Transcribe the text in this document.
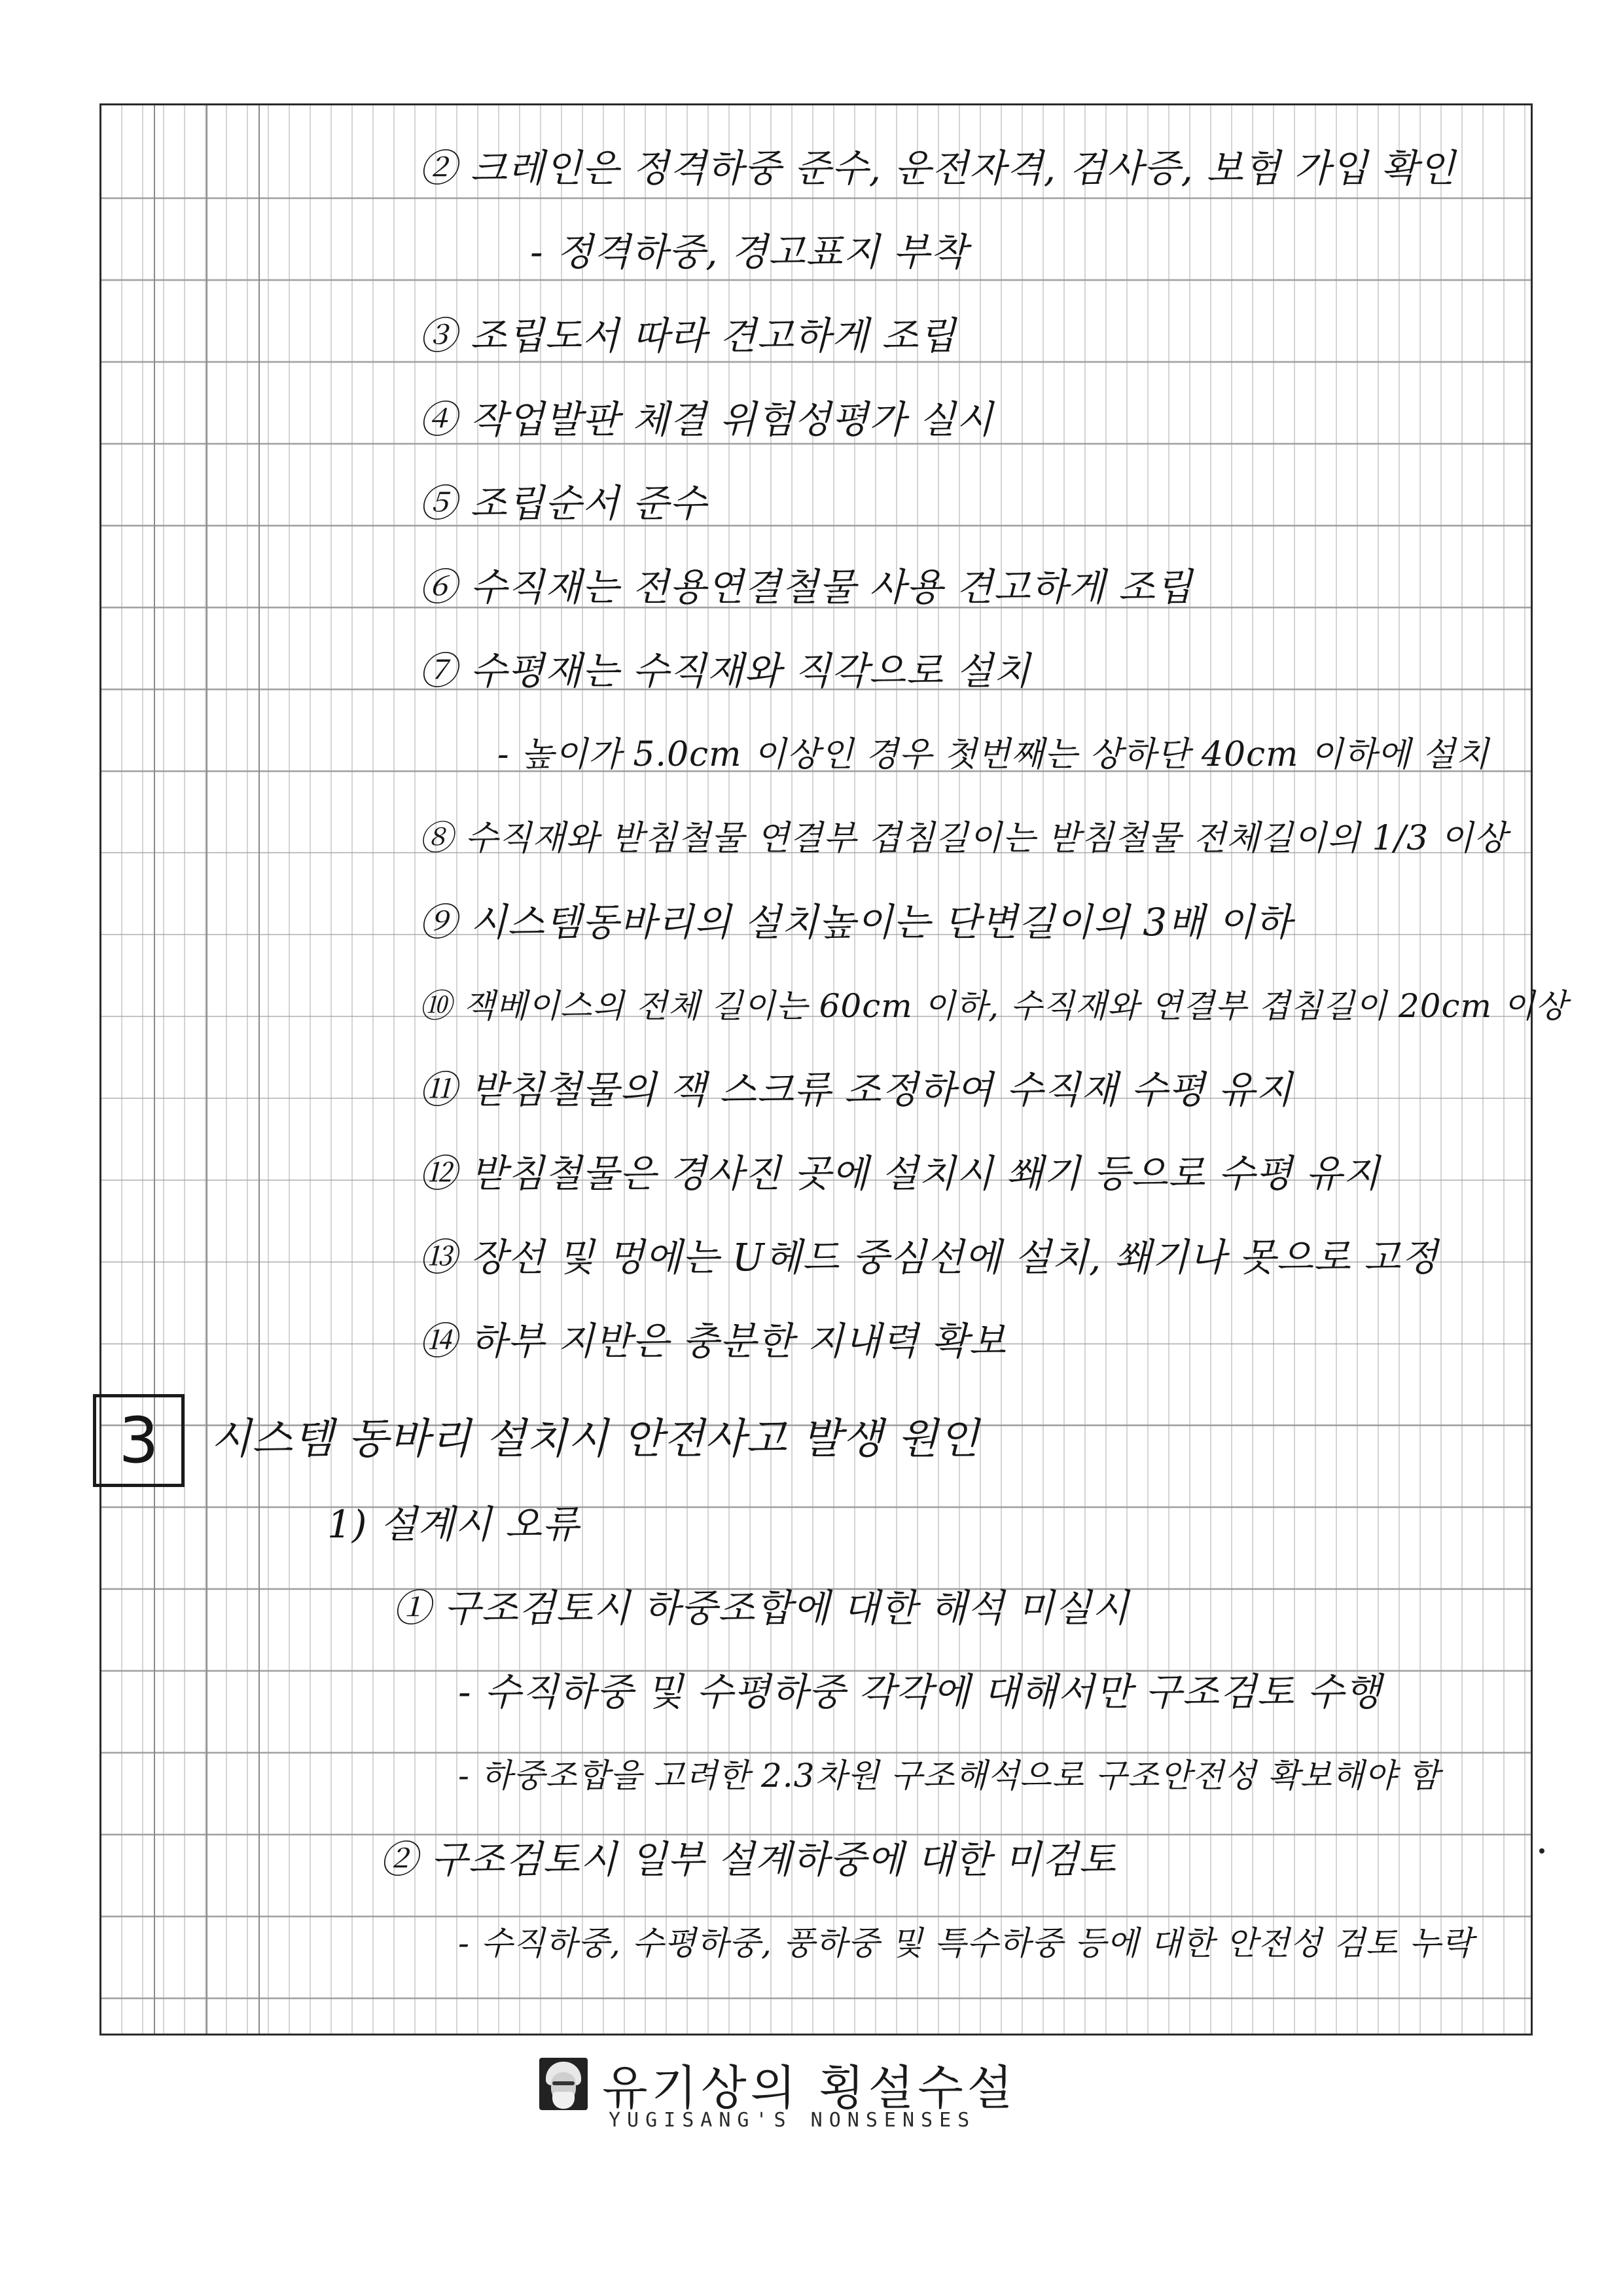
② 크레인은 정격하중 준수, 운전자격, 검사증, 보험 가입 확인
- 정격하중, 경고표지 부착
③ 조립도서 따라 견고하게 조립
④ 작업발판 체결 위험성평가 실시
⑤ 조립순서 준수
⑥ 수직재는 전용연결철물 사용 견고하게 조립
⑦ 수평재는 수직재와 직각으로 설치
- 높이가 5.0cm 이상인 경우 첫번째는 상하단 40cm 이하에 설치
⑧ 수직재와 받침철물 연결부 겹침길이는 받침철물 전체길이의 1/3 이상
⑨ 시스템동바리의 설치높이는 단변길이의 3배 이하
⑩ 잭베이스의 전체 길이는 60cm 이하, 수직재와 연결부 겹침길이 20cm 이상
⑪ 받침철물의 잭 스크류 조정하여 수직재 수평 유지
⑫ 받침철물은 경사진 곳에 설치시 쐐기 등으로 수평 유지
⑬ 장선 및 멍에는 U헤드 중심선에 설치, 쐐기나 못으로 고정
⑭ 하부 지반은 충분한 지내력 확보
3	시스템 동바리 설치시 안전사고 발생 원인
1) 설계시 오류
① 구조검토시 하중조합에 대한 해석 미실시
- 수직하중 및 수평하중 각각에 대해서만 구조검토 수행
- 하중조합을 고려한 2.3차원 구조해석으로 구조안전성 확보해야 함
② 구조검토시 일부 설계하중에 대한 미검토
- 수직하중, 수평하중, 풍하중 및 특수하중 등에 대한 안전성 검토 누락
유기상의 횡설수설
YUGISANG'S NONSENSES
